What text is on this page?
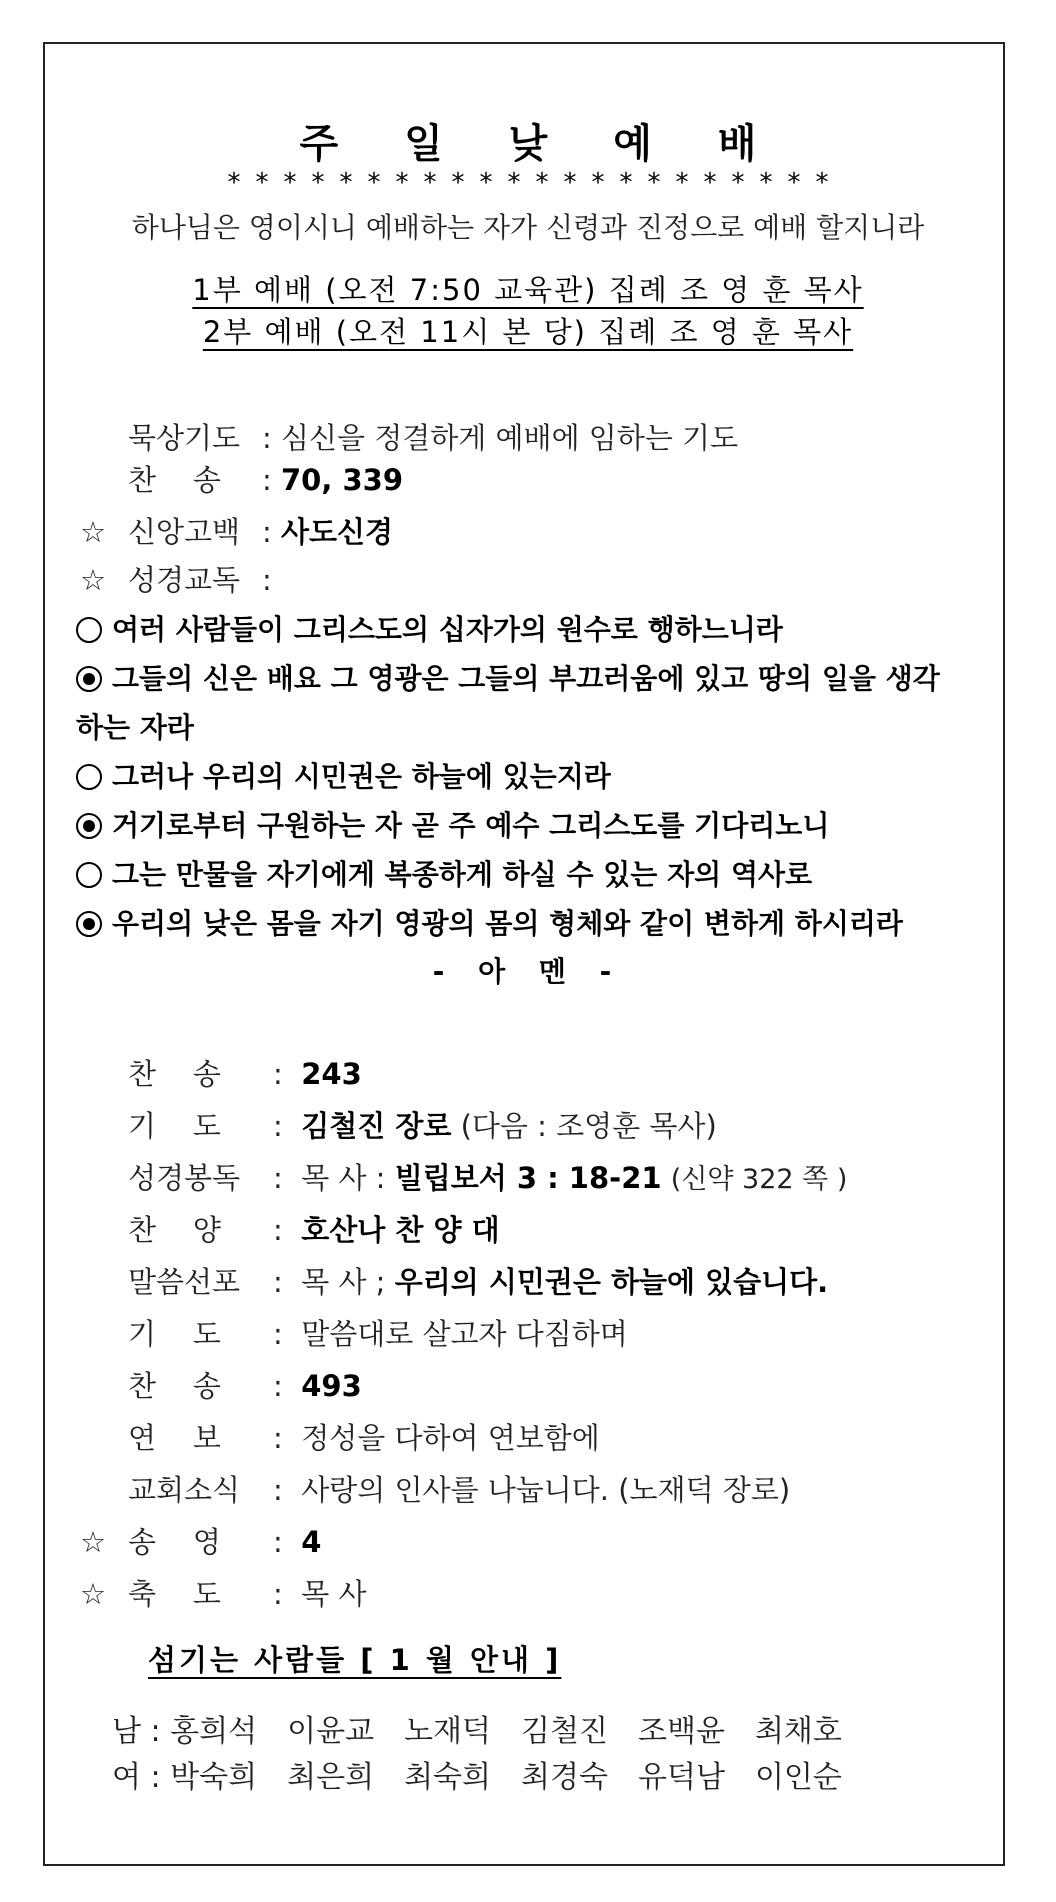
주 일 낮 예 배
**********************
하나님은 영이시니 예배하는 자가 신령과 진정으로 예배 할지니라
1부 예배 (오전 7:50 교육관) 집례 조 영 훈 목사
2부 예배 (오전 11시 본 당) 집례 조 영 훈 목사
묵상기도 : 심신을 정결하게 예배에 임하는 기도
찬    송 : 70, 339
☆ 신앙고백 : 사도신경
☆ 성경교독 :
여러 사람들이 그리스도의 십자가의 원수로 행하느니라
그들의 신은 배요 그 영광은 그들의 부끄러움에 있고 땅의 일을 생각
하는 자라
그러나 우리의 시민권은 하늘에 있는지라
거기로부터 구원하는 자 곧 주 예수 그리스도를 기다리노니
그는 만물을 자기에게 복종하게 하실 수 있는 자의 역사로
우리의 낮은 몸을 자기 영광의 몸의 형체와 같이 변하게 하시리라
- 아 멘 -
찬    송 :  243
기    도 :  김철진 장로 (다음 : 조영훈 목사)
성경봉독 :  목 사 : 빌립보서 3 : 18-21 (신약 322 쪽 )
찬    양 :  호산나 찬 양 대
말씀선포 :  목 사 ; 우리의 시민권은 하늘에 있습니다.
기    도 :  말씀대로 살고자 다짐하며
찬    송 :  493
연    보 :  정성을 다하여 연보함에
교회소식 :  사랑의 인사를 나눕니다. (노재덕 장로)
☆ 송    영 :  4
☆ 축    도 :  목 사
섬기는 사람들 [ 1 월 안내 ]
남 : 홍희석 이윤교 노재덕 김철진 조백윤 최채호
여 : 박숙희 최은희 최숙희 최경숙 유덕남 이인순
